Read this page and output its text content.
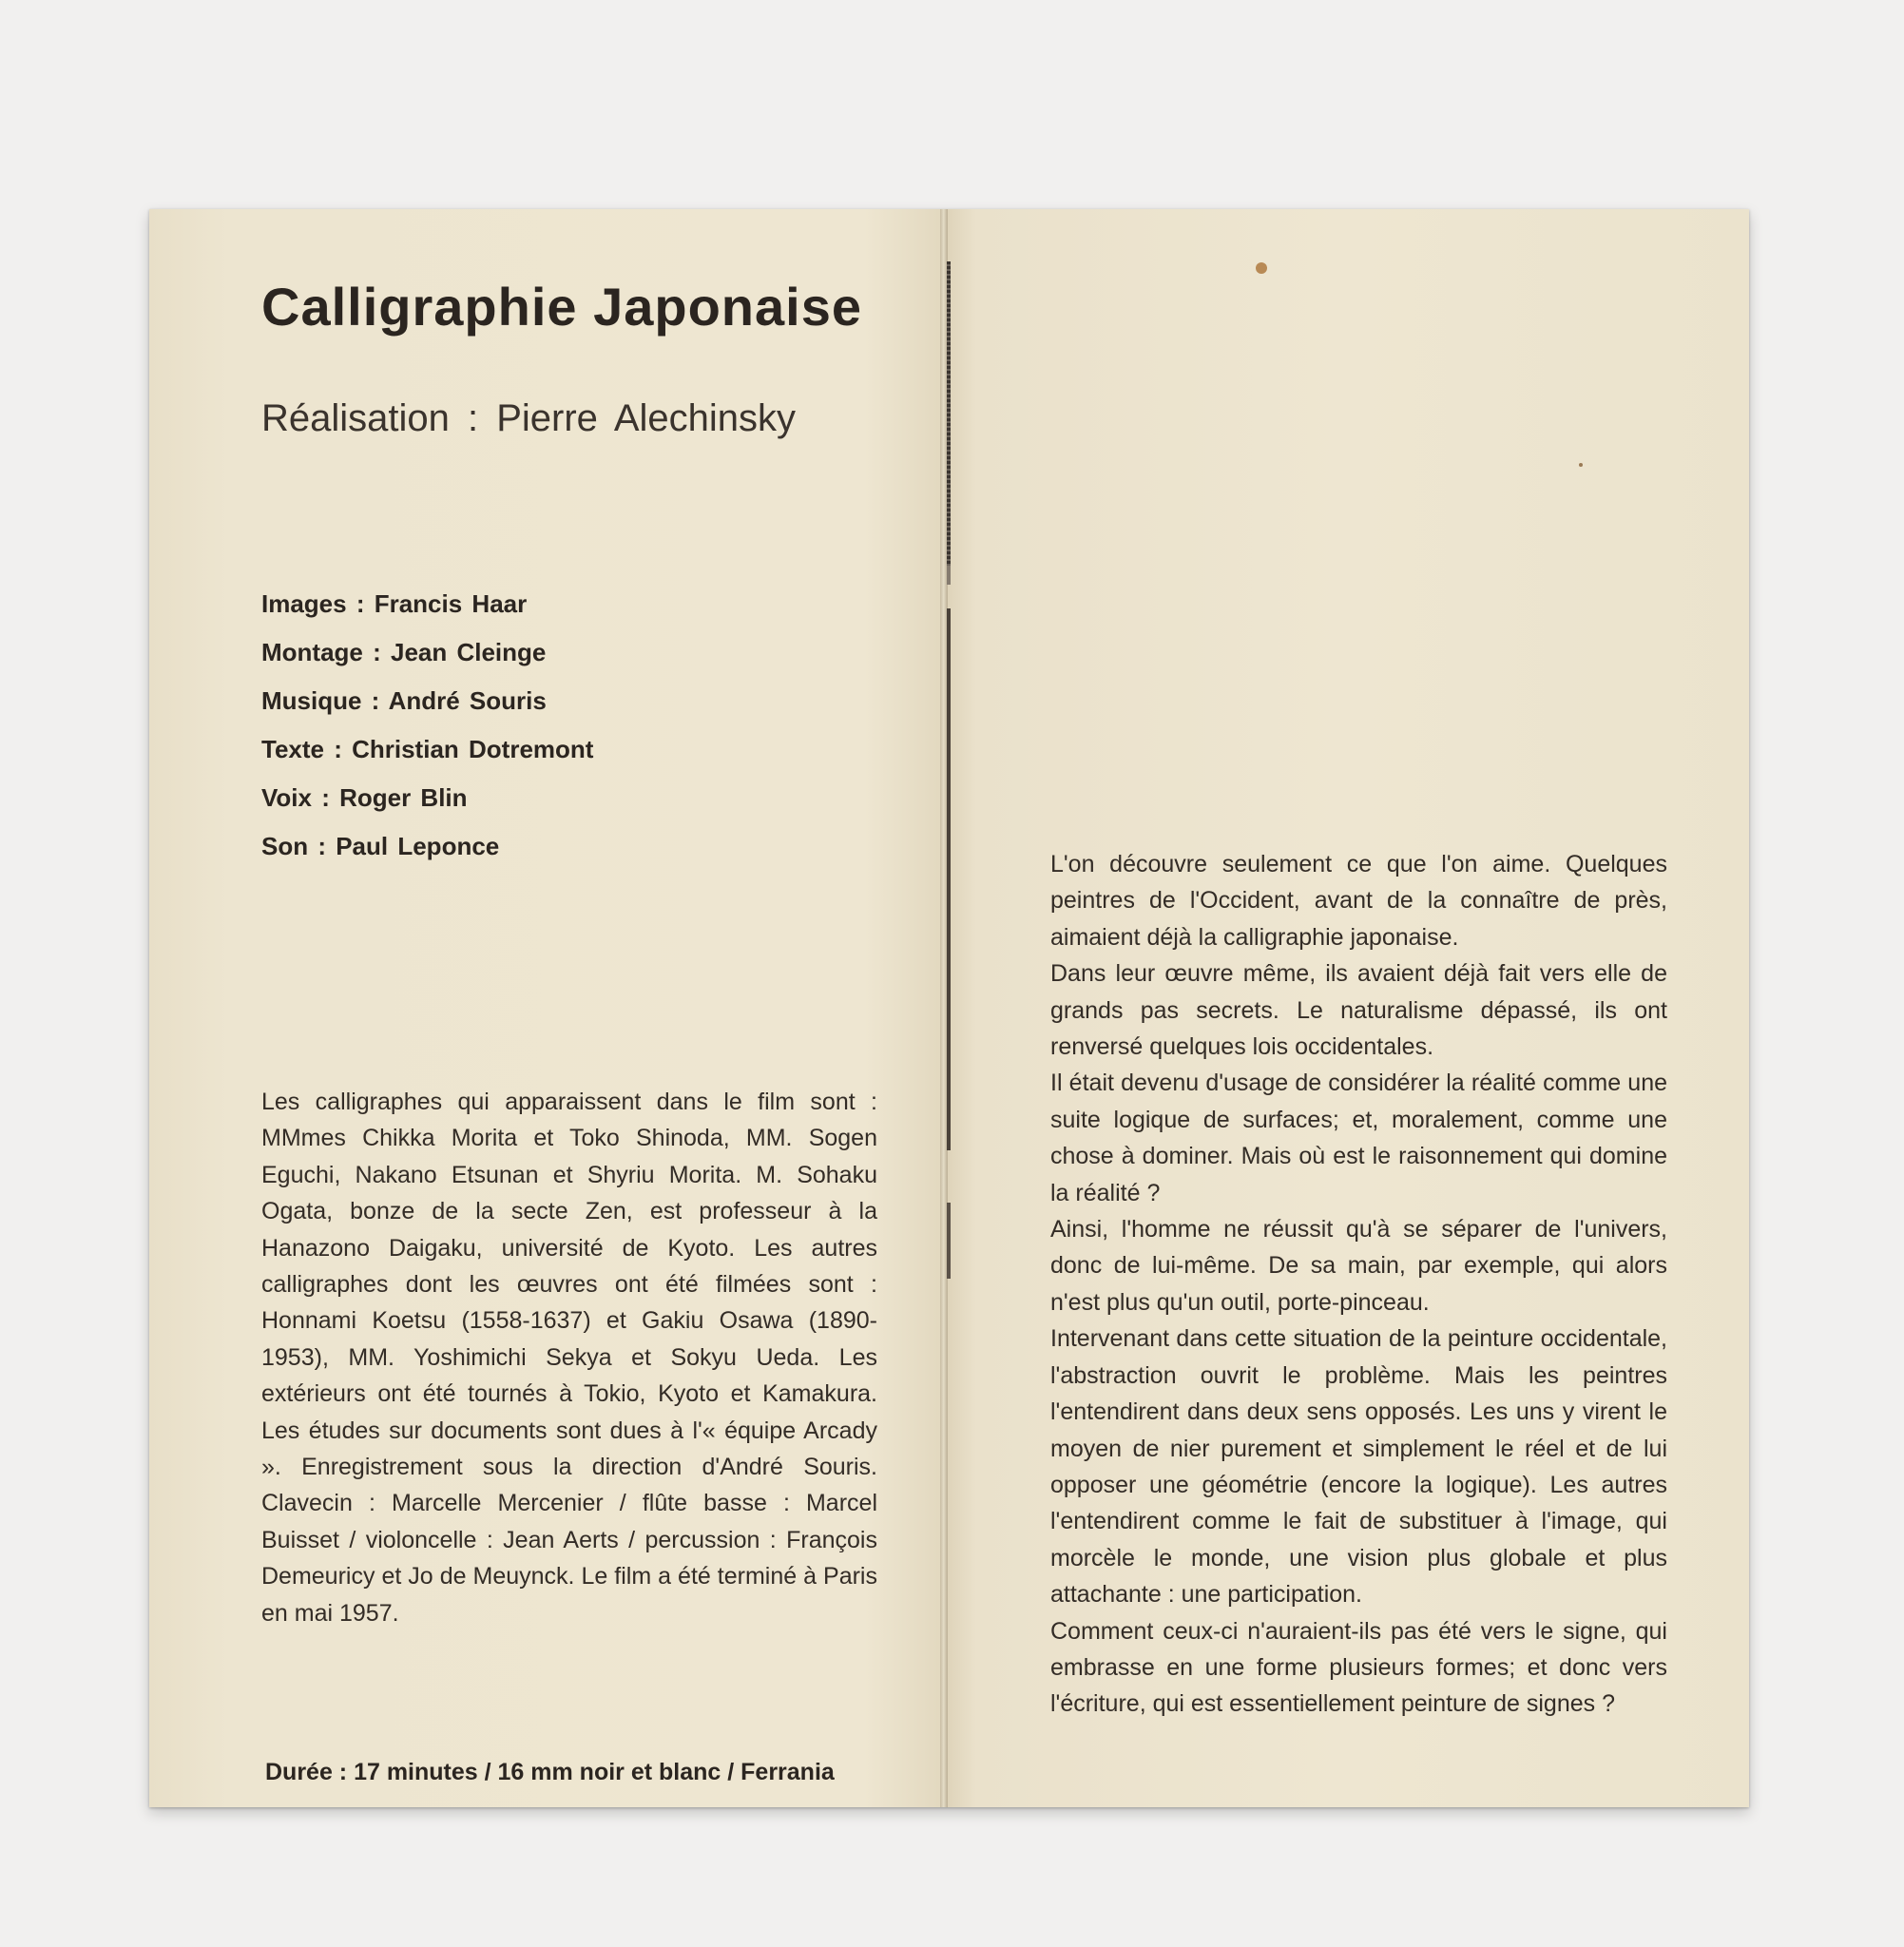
Calligraphie Japonaise
Réalisation : Pierre Alechinsky
Images : Francis Haar
Montage : Jean Cleinge
Musique : André Souris
Texte : Christian Dotremont
Voix : Roger Blin
Son : Paul Leponce

Les calligraphes qui apparaissent dans le film sont : MMmes Chikka Morita et Toko Shinoda, MM. Sogen Eguchi, Nakano Etsunan et Shyriu Morita. M. Sohaku Ogata, bonze de la secte Zen, est professeur à la Hanazono Daigaku, université de Kyoto. Les autres calligraphes dont les œuvres ont été filmées sont : Honnami Koetsu (1558-1637) et Gakiu Osawa (1890-1953), MM. Yoshimichi Sekya et Sokyu Ueda. Les extérieurs ont été tournés à Tokio, Kyoto et Kamakura. Les études sur documents sont dues à l'« équipe Arcady ». Enregistrement sous la direction d'André Souris. Clavecin : Marcelle Mercenier / flûte basse : Marcel Buisset / violoncelle : Jean Aerts / percussion : François Demeuricy et Jo de Meuynck. Le film a été terminé à Paris en mai 1957.

Durée : 17 minutes / 16 mm noir et blanc / Ferrania

L'on découvre seulement ce que l'on aime. Quelques peintres de l'Occident, avant de la connaître de près, aimaient déjà la calligraphie japonaise.

Dans leur œuvre même, ils avaient déjà fait vers elle de grands pas secrets. Le naturalisme dépassé, ils ont renversé quelques lois occidentales.

Il était devenu d'usage de considérer la réalité comme une suite logique de surfaces; et, moralement, comme une chose à dominer. Mais où est le raisonnement qui domine la réalité ?

Ainsi, l'homme ne réussit qu'à se séparer de l'univers, donc de lui-même. De sa main, par exemple, qui alors n'est plus qu'un outil, porte-pinceau.

Intervenant dans cette situation de la peinture occidentale, l'abstraction ouvrit le problème. Mais les peintres l'entendirent dans deux sens opposés. Les uns y virent le moyen de nier purement et simplement le réel et de lui opposer une géométrie (encore la logique). Les autres l'entendirent comme le fait de substituer à l'image, qui morcèle le monde, une vision plus globale et plus attachante : une participation.

Comment ceux-ci n'auraient-ils pas été vers le signe, qui embrasse en une forme plusieurs formes; et donc vers l'écriture, qui est essentiellement peinture de signes ?
